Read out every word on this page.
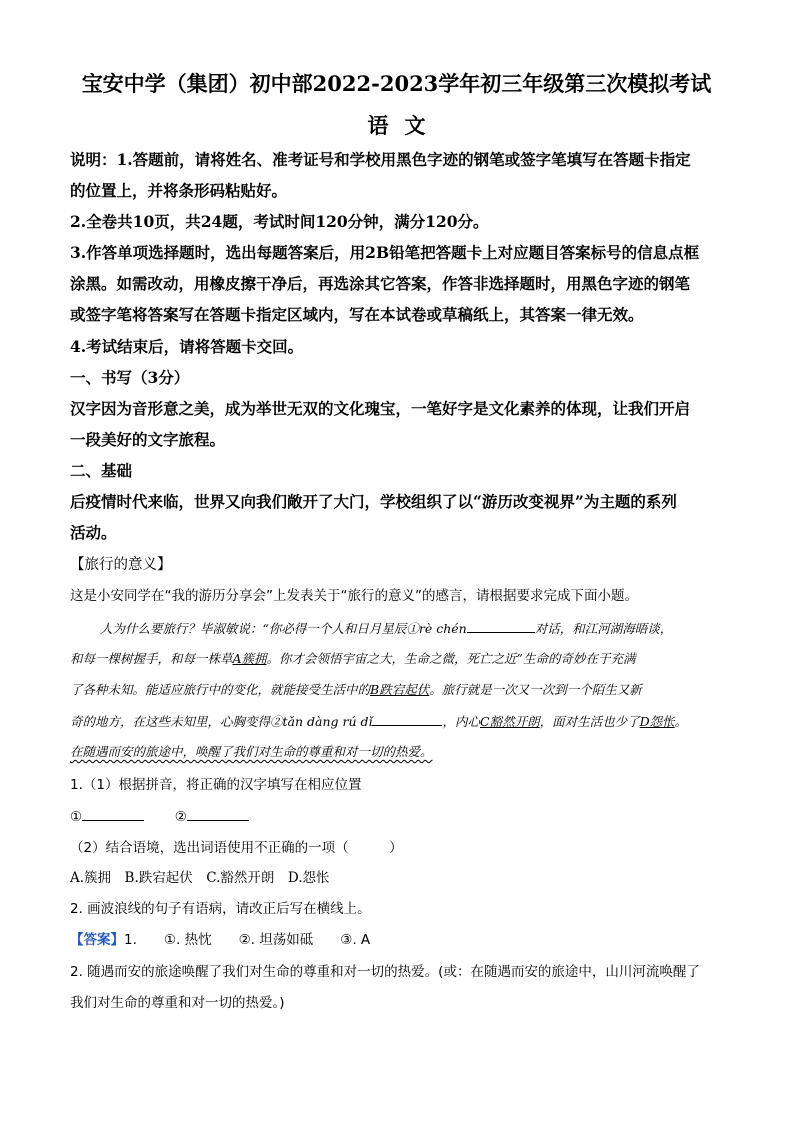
宝安中学（集团）初中部2022-2023学年初三年级第三次模拟考试
语文
说明：1.答题前，请将姓名、准考证号和学校用黑色字迹的钢笔或签字笔填写在答题卡指定
的位置上，并将条形码粘贴好。
2.全卷共10页，共24题，考试时间120分钟，满分120分。
3.作答单项选择题时，选出每题答案后，用2B铅笔把答题卡上对应题目答案标号的信息点框
涂黑。如需改动，用橡皮擦干净后，再选涂其它答案，作答非选择题时，用黑色字迹的钢笔
或签字笔将答案写在答题卡指定区域内，写在本试卷或草稿纸上，其答案一律无效。
4.考试结束后，请将答题卡交回。
一、书写（3分）
汉字因为音形意之美，成为举世无双的文化瑰宝，一笔好字是文化素养的体现，让我们开启
一段美好的文字旅程。
二、基础
后疫情时代来临，世界又向我们敞开了大门，学校组织了以“游历改变视界”为主题的系列
活动。
【旅行的意义】
这是小安同学在“我的游历分享会”上发表关于“旅行的意义”的感言，请根据要求完成下面小题。
人为什么要旅行？毕淑敏说：“你必得一个人和日月星辰①rè chén	对话，和江河湖海晤谈，
和每一棵树握手，和每一株草A簇拥。你才会领悟宇宙之大，生命之微，死亡之近”生命的奇妙在于充满
了各种未知。能适应旅行中的变化，就能接受生活中的B跌宕起伏。旅行就是一次又一次到一个陌生又新
奇的地方，在这些未知里，心胸变得②tǎn dàng rú dǐ	，内心C豁然开朗，面对生活也少了D怨怅。
在随遇而安的旅途中，唤醒了我们对生命的尊重和对一切的热爱。
1.（1）根据拼音，将正确的汉字填写在相应位置
①	②
（2）结合语境，选出词语使用不正确的一项（　　　）
A.簇拥　B.跌宕起伏　C.豁然开朗　D.怨怅
2. 画波浪线的句子有语病，请改正后写在横线上。
【答案】1.　　①. 热忱　　②. 坦荡如砥　　③. A
2. 随遇而安的旅途唤醒了我们对生命的尊重和对一切的热爱。(或：在随遇而安的旅途中，山川河流唤醒了
我们对生命的尊重和对一切的热爱。)
